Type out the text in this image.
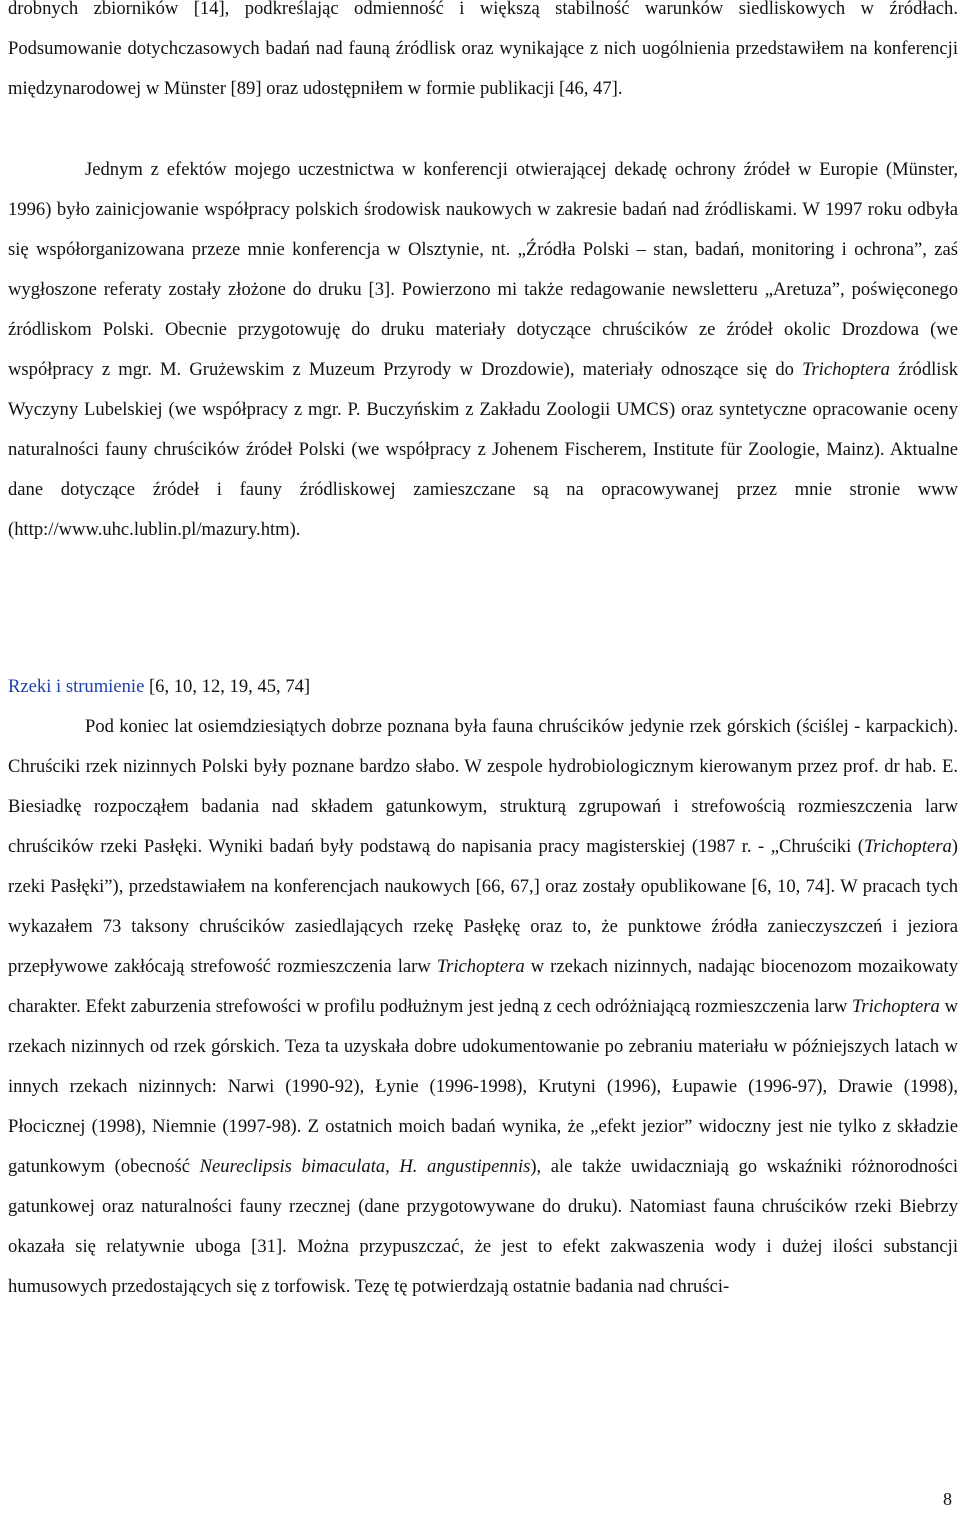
drobnych zbiorników [14], podkreślając odmienność i większą stabilność warunków siedliskowych w źródłach. Podsumowanie dotychczasowych badań nad fauną źródlisk oraz wynikające z nich uogólnienia przedstawiłem na konferencji międzynarodowej w Münster [89] oraz udostępniłem w formie publikacji [46, 47].

Jednym z efektów mojego uczestnictwa w konferencji otwierającej dekadę ochrony źródeł w Europie (Münster, 1996) było zainicjowanie współpracy polskich środowisk naukowych w zakresie badań nad źródliskami. W 1997 roku odbyła się współorganizowana przeze mnie konferencja w Olsztynie, nt. „Źródła Polski – stan, badań, monitoring i ochrona”, zaś wygłoszone referaty zostały złożone do druku [3]. Powierzono mi także redagowanie newsletteru „Aretuza”, poświęconego źródliskom Polski. Obecnie przygotowuję do druku materiały dotyczące chruścików ze źródeł okolic Drozdowa (we współpracy z mgr. M. Grużewskim z Muzeum Przyrody w Drozdowie), materiały odnoszące się do Trichoptera źródlisk Wyczyny Lubelskiej (we współpracy z mgr. P. Buczyńskim z Zakładu Zoologii UMCS) oraz syntetyczne opracowanie oceny naturalności fauny chruścików źródeł Polski (we współpracy z Johenem Fischerem, Institute für Zoologie, Mainz). Aktualne dane dotyczące źródeł i fauny źródliskowej zamieszczane są na opracowywanej przez mnie stronie www (http://www.uhc.lublin.pl/mazury.htm).

Rzeki i strumienie [6, 10, 12, 19, 45, 74]

Pod koniec lat osiemdziesiątych dobrze poznana była fauna chruścików jedynie rzek górskich (ściślej - karpackich). Chruściki rzek nizinnych Polski były poznane bardzo słabo. W zespole hydrobiologicznym kierowanym przez prof. dr hab. E. Biesiadkę rozpocząłem badania nad składem gatunkowym, strukturą zgrupowań i strefowością rozmieszczenia larw chruścików rzeki Pasłęki. Wyniki badań były podstawą do napisania pracy magisterskiej (1987 r. - „Chruściki (Trichoptera) rzeki Pasłęki”), przedstawiałem na konferencjach naukowych [66, 67,] oraz zostały opublikowane [6, 10, 74]. W pracach tych wykazałem 73 taksony chruścików zasiedlających rzekę Pasłękę oraz to, że punktowe źródła zanieczyszczeń i jeziora przepływowe zakłócają strefowość rozmieszczenia larw Trichoptera w rzekach nizinnych, nadając biocenozom mozaikowaty charakter. Efekt zaburzenia strefowości w profilu podłużnym jest jedną z cech odróżniającą rozmieszczenia larw Trichoptera w rzekach nizinnych od rzek górskich. Teza ta uzyskała dobre udokumentowanie po zebraniu materiału w późniejszych latach w innych rzekach nizinnych: Narwi (1990-92), Łynie (1996-1998), Krutyni (1996), Łupawie (1996-97), Drawie (1998), Płocicznej (1998), Niemnie (1997-98). Z ostatnich moich badań wynika, że „efekt jezior” widoczny jest nie tylko z składzie gatunkowym (obecność Neureclipsis bimaculata, H. angustipennis), ale także uwidaczniają go wskaźniki różnorodności gatunkowej oraz naturalności fauny rzecznej (dane przygotowywane do druku). Natomiast fauna chruścików rzeki Biebrzy okazała się relatywnie uboga [31]. Można przypuszczać, że jest to efekt zakwaszenia wody i dużej ilości substancji humusowych przedostających się z torfowisk. Tezę tę potwierdzają ostatnie badania nad chruści-

8
